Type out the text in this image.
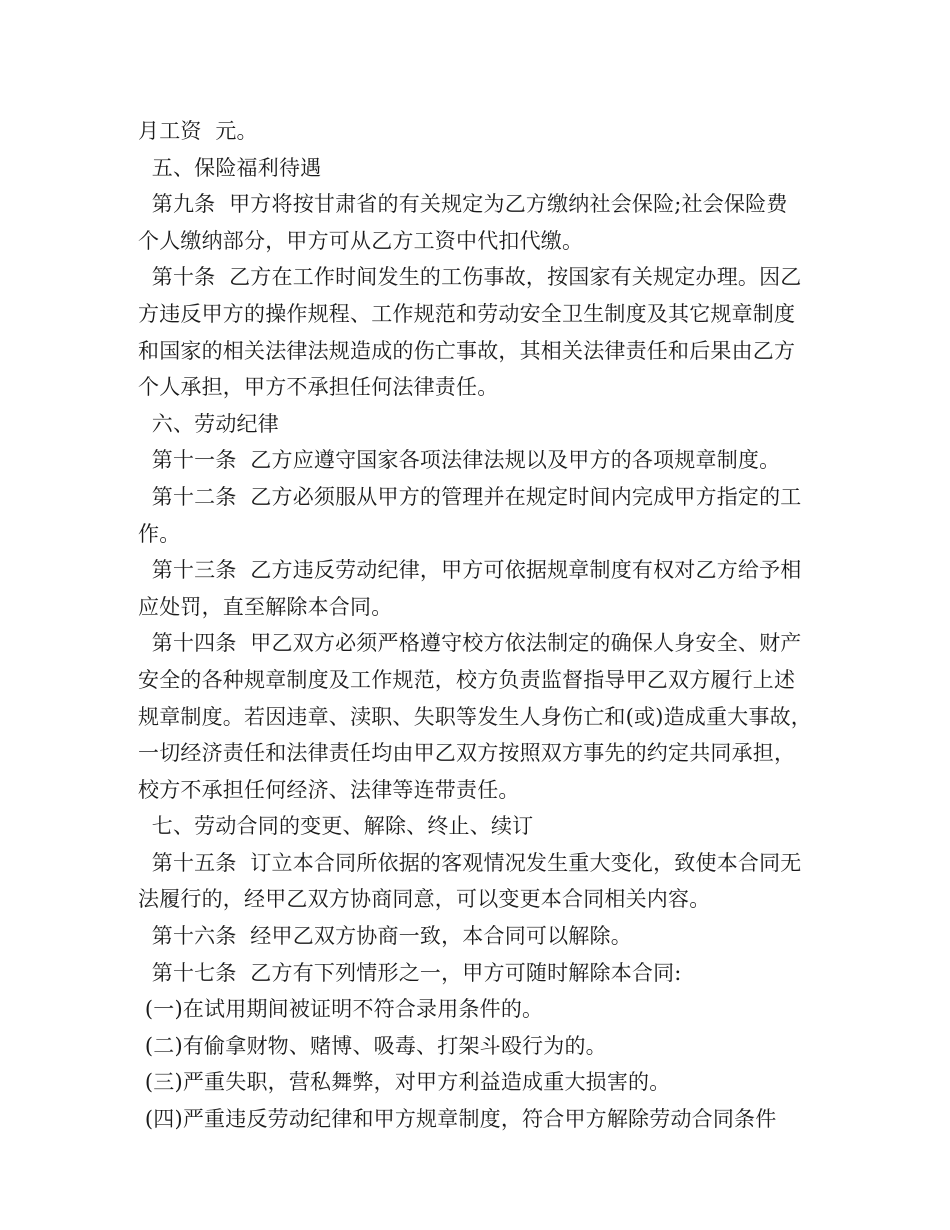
月工资  元。
五、保险福利待遇
第九条  甲方将按甘肃省的有关规定为乙方缴纳社会保险;社会保险费
个人缴纳部分，甲方可从乙方工资中代扣代缴。
第十条  乙方在工作时间发生的工伤事故，按国家有关规定办理。因乙
方违反甲方的操作规程、工作规范和劳动安全卫生制度及其它规章制度
和国家的相关法律法规造成的伤亡事故，其相关法律责任和后果由乙方
个人承担，甲方不承担任何法律责任。
六、劳动纪律
第十一条  乙方应遵守国家各项法律法规以及甲方的各项规章制度。
第十二条  乙方必须服从甲方的管理并在规定时间内完成甲方指定的工
作。
第十三条  乙方违反劳动纪律，甲方可依据规章制度有权对乙方给予相
应处罚，直至解除本合同。
第十四条  甲乙双方必须严格遵守校方依法制定的确保人身安全、财产
安全的各种规章制度及工作规范，校方负责监督指导甲乙双方履行上述
规章制度。若因违章、渎职、失职等发生人身伤亡和(或)造成重大事故，
一切经济责任和法律责任均由甲乙双方按照双方事先的约定共同承担，
校方不承担任何经济、法律等连带责任。
七、劳动合同的变更、解除、终止、续订
第十五条  订立本合同所依据的客观情况发生重大变化，致使本合同无
法履行的，经甲乙双方协商同意，可以变更本合同相关内容。
第十六条  经甲乙双方协商一致，本合同可以解除。
第十七条  乙方有下列情形之一，甲方可随时解除本合同:
(一)在试用期间被证明不符合录用条件的。
(二)有偷拿财物、赌博、吸毒、打架斗殴行为的。
(三)严重失职，营私舞弊，对甲方利益造成重大损害的。
(四)严重违反劳动纪律和甲方规章制度，符合甲方解除劳动合同条件
